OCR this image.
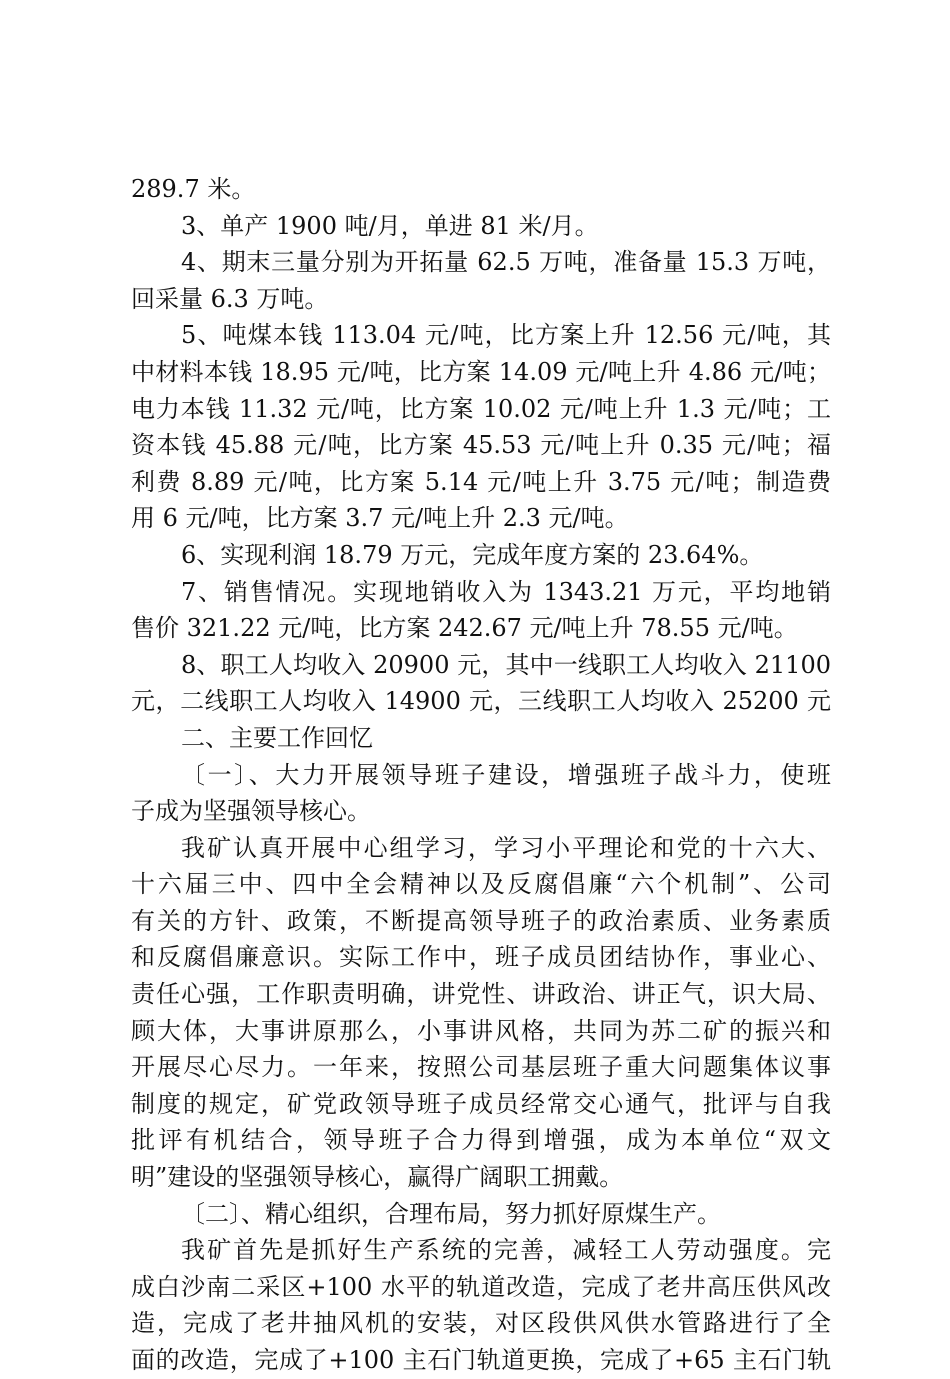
289.7 米。
3、单产 1900 吨/月，单进 81 米/月。
4、期末三量分别为开拓量 62.5 万吨，准备量 15.3 万吨，
回采量 6.3 万吨。
5、吨煤本钱 113.04 元/吨，比方案上升 12.56 元/吨，其
中材料本钱 18.95 元/吨，比方案 14.09 元/吨上升 4.86 元/吨；
电力本钱 11.32 元/吨，比方案 10.02 元/吨上升 1.3 元/吨；工
资本钱 45.88 元/吨，比方案 45.53 元/吨上升 0.35 元/吨；福
利费 8.89 元/吨，比方案 5.14 元/吨上升 3.75 元/吨；制造费
用 6 元/吨，比方案 3.7 元/吨上升 2.3 元/吨。
6、实现利润 18.79 万元，完成年度方案的 23.64%。
7、销售情况。实现地销收入为 1343.21 万元，平均地销
售价 321.22 元/吨，比方案 242.67 元/吨上升 78.55 元/吨。
8、职工人均收入 20900 元，其中一线职工人均收入 21100
元，二线职工人均收入 14900 元，三线职工人均收入 25200 元
二、主要工作回忆
〔一〕、大力开展领导班子建设，增强班子战斗力，使班
子成为坚强领导核心。
我矿认真开展中心组学习，学习小平理论和党的十六大、
十六届三中、四中全会精神以及反腐倡廉“六个机制”、公司
有关的方针、政策，不断提高领导班子的政治素质、业务素质
和反腐倡廉意识。实际工作中，班子成员团结协作，事业心、
责任心强，工作职责明确，讲党性、讲政治、讲正气，识大局、
顾大体，大事讲原那么，小事讲风格，共同为苏二矿的振兴和
开展尽心尽力。一年来，按照公司基层班子重大问题集体议事
制度的规定，矿党政领导班子成员经常交心通气，批评与自我
批评有机结合，领导班子合力得到增强，成为本单位“双文
明”建设的坚强领导核心，赢得广阔职工拥戴。
〔二〕、精心组织，合理布局，努力抓好原煤生产。
我矿首先是抓好生产系统的完善，减轻工人劳动强度。完
成白沙南二采区+100 水平的轨道改造，完成了老井高压供风改
造，完成了老井抽风机的安装，对区段供风供水管路进行了全
面的改造，完成了+100 主石门轨道更换，完成了+65 主石门轨
